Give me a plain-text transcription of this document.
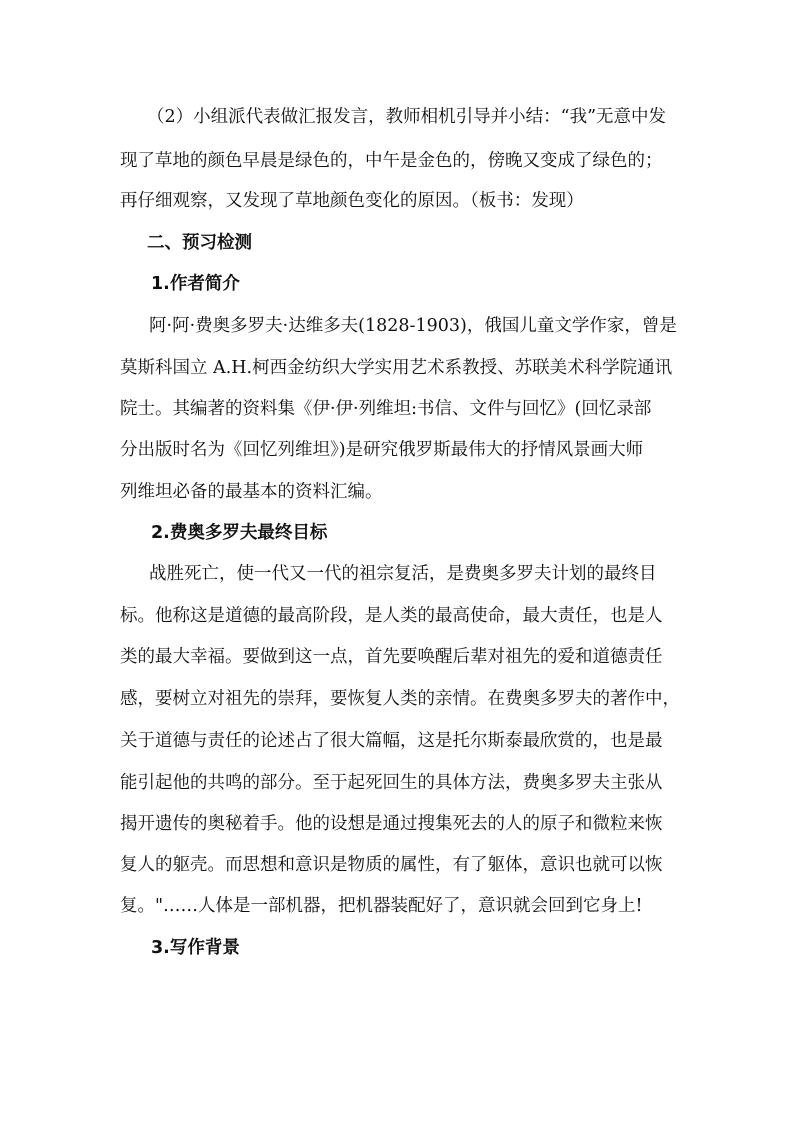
（2）小组派代表做汇报发言，教师相机引导并小结：“我”无意中发
现了草地的颜色早晨是绿色的，中午是金色的，傍晚又变成了绿色的；
再仔细观察，又发现了草地颜色变化的原因。（板书：发现）
二、预习检测
1.作者简介
阿·阿·费奥多罗夫·达维多夫(1828-1903)，俄国儿童文学作家，曾是
莫斯科国立 A.H.柯西金纺织大学实用艺术系教授、苏联美术科学院通讯
院士。其编著的资料集《伊·伊·列维坦:书信、文件与回忆》(回忆录部
分出版时名为《回忆列维坦》)是研究俄罗斯最伟大的抒情风景画大师
列维坦必备的最基本的资料汇编。
2.费奥多罗夫最终目标
战胜死亡，使一代又一代的祖宗复活，是费奥多罗夫计划的最终目
标。他称这是道德的最高阶段，是人类的最高使命，最大责任，也是人
类的最大幸福。要做到这一点，首先要唤醒后辈对祖先的爱和道德责任
感，要树立对祖先的崇拜，要恢复人类的亲情。在费奥多罗夫的著作中，
关于道德与责任的论述占了很大篇幅，这是托尔斯泰最欣赏的，也是最
能引起他的共鸣的部分。至于起死回生的具体方法，费奥多罗夫主张从
揭开遗传的奥秘着手。他的设想是通过搜集死去的人的原子和微粒来恢
复人的躯壳。而思想和意识是物质的属性，有了躯体，意识也就可以恢
复。"……人体是一部机器，把机器装配好了，意识就会回到它身上!
3.写作背景
